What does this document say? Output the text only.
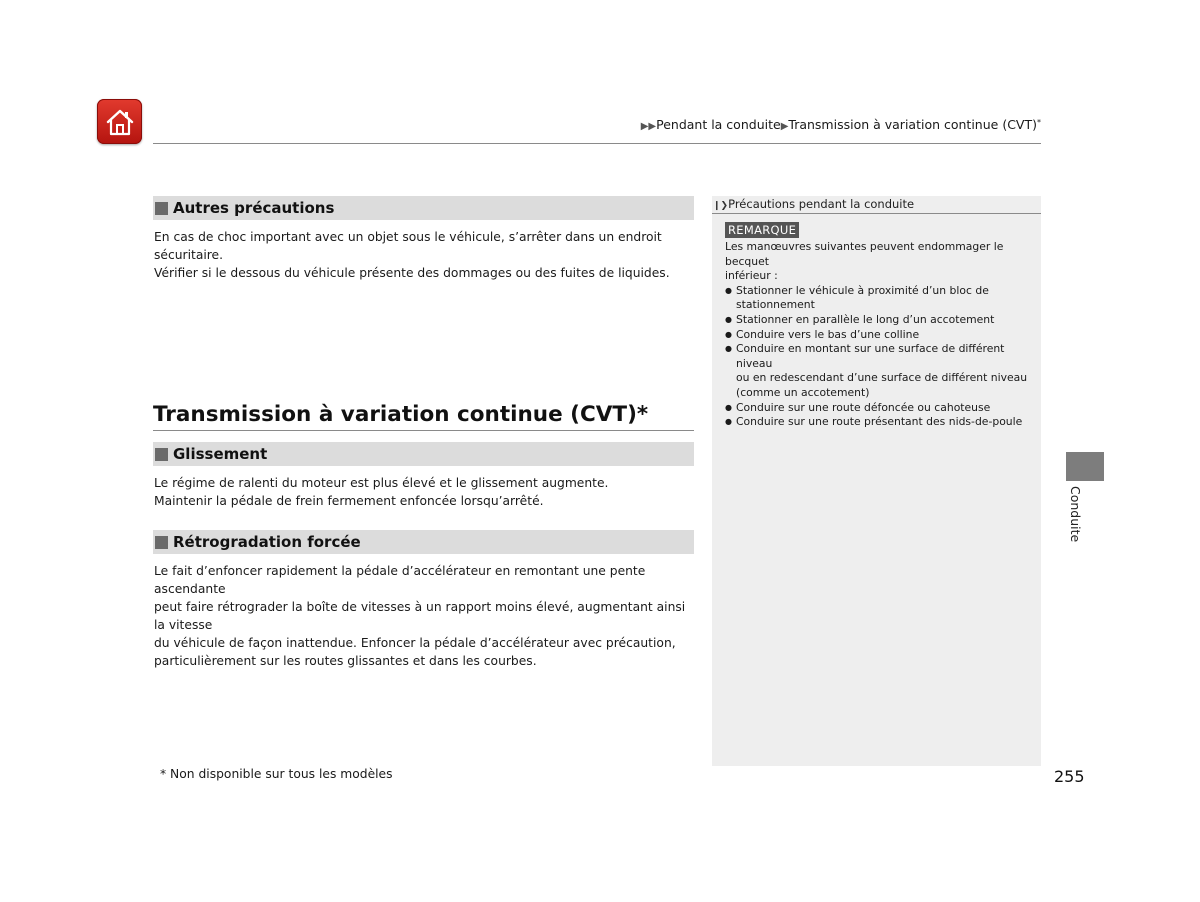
▶▶Pendant la conduite▶Transmission à variation continue (CVT)*
Autres précautions

En cas de choc important avec un objet sous le véhicule, s’arrêter dans un endroit sécuritaire.

Vérifier si le dessous du véhicule présente des dommages ou des fuites de liquides.

Transmission à variation continue (CVT)*
Glissement

Le régime de ralenti du moteur est plus élevé et le glissement augmente.

Maintenir la pédale de frein fermement enfoncée lorsqu’arrêté.

Rétrogradation forcée

Le fait d’enfoncer rapidement la pédale d’accélérateur en remontant une pente ascendante

peut faire rétrograder la boîte de vitesses à un rapport moins élevé, augmentant ainsi la vitesse

du véhicule de façon inattendue. Enfoncer la pédale d’accélérateur avec précaution,

particulièrement sur les routes glissantes et dans les courbes.

❙❯Précautions pendant la conduite
REMARQUE
Les manœuvres suivantes peuvent endommager le becquet
inférieur :
● Stationner le véhicule à proximité d’un bloc de
stationnement
● Stationner en parallèle le long d’un accotement
● Conduire vers le bas d’une colline
● Conduire en montant sur une surface de différent niveau
ou en redescendant d’une surface de différent niveau
(comme un accotement)
● Conduire sur une route défoncée ou cahoteuse
● Conduire sur une route présentant des nids-de-poule
Conduite
* Non disponible sur tous les modèles	255
